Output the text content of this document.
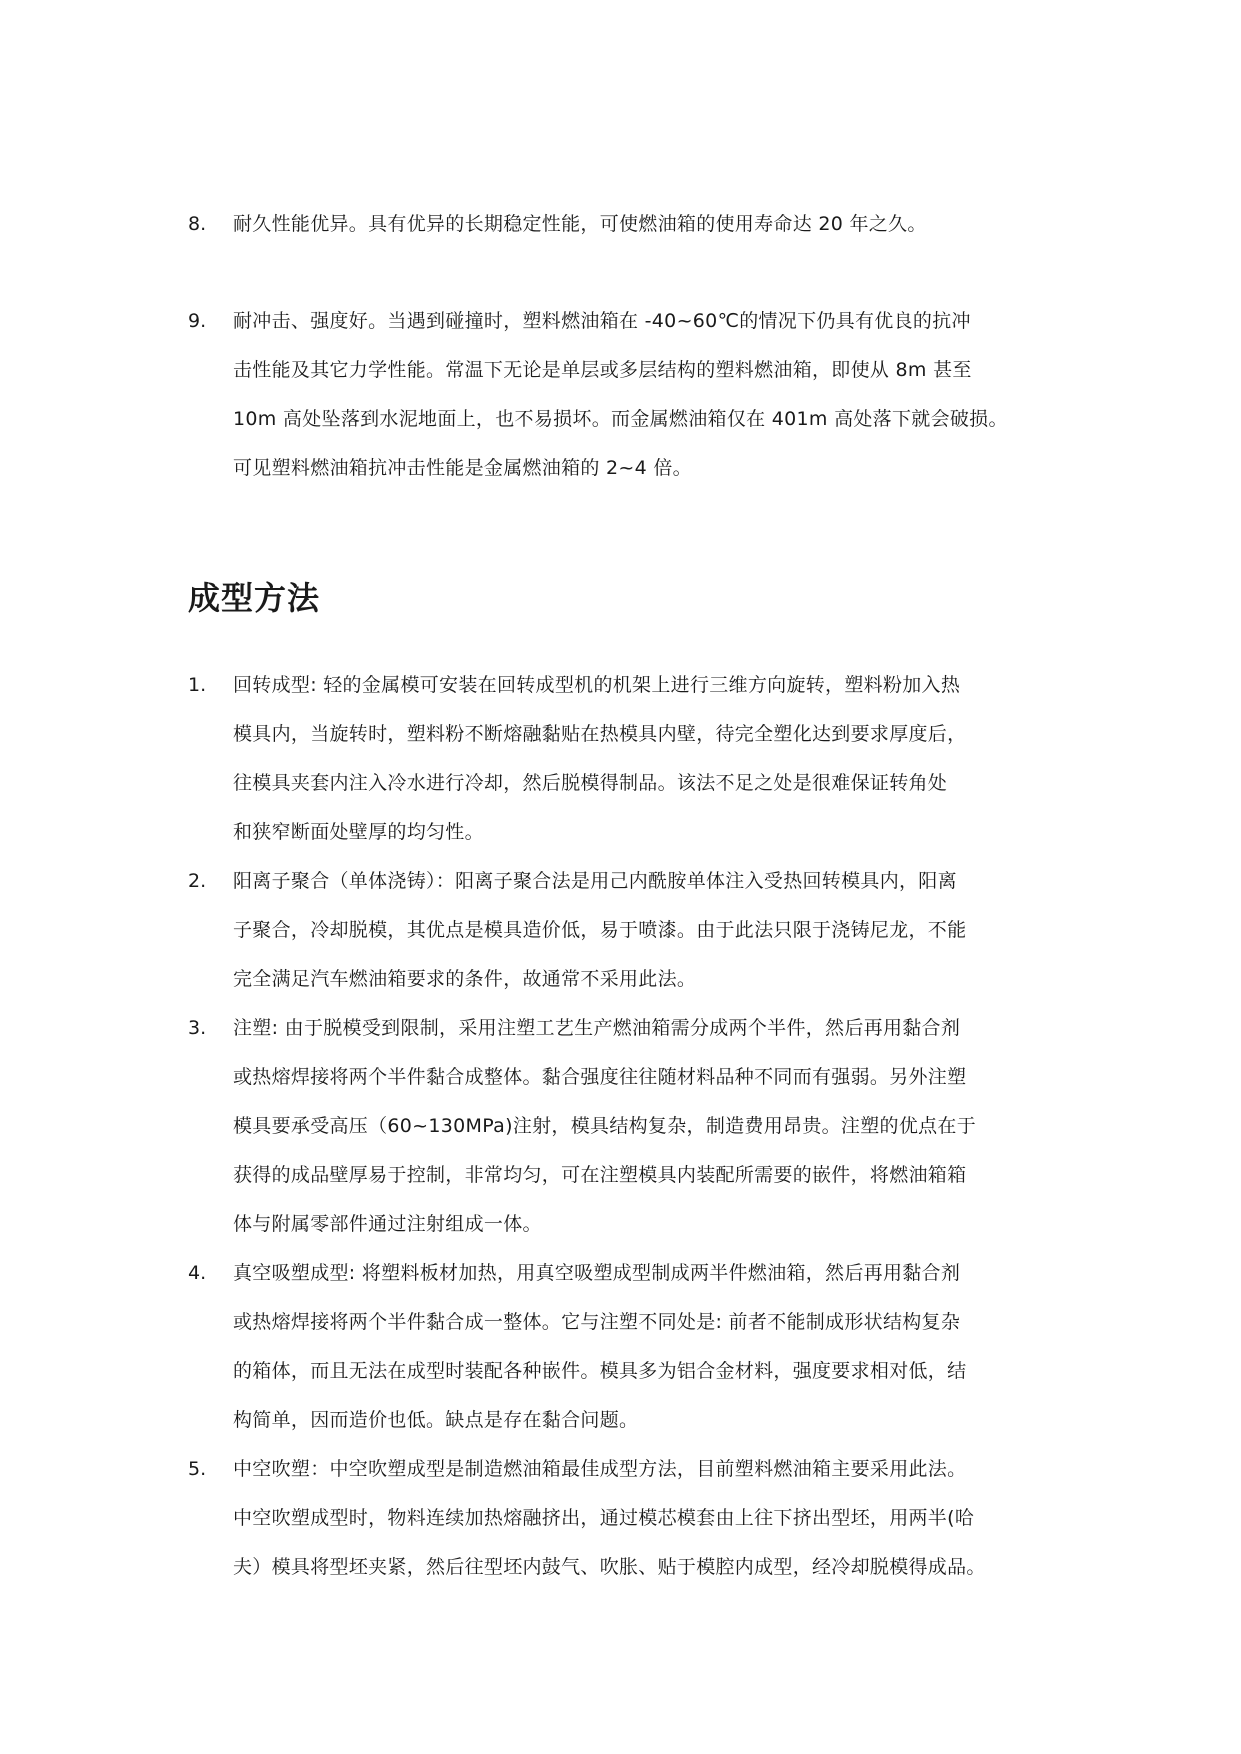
8.	耐久性能优异。具有优异的长期稳定性能，可使燃油箱的使用寿命达 20 年之久。
9.	耐冲击、强度好。当遇到碰撞时，塑料燃油箱在 -40~60℃的情况下仍具有优良的抗冲
击性能及其它力学性能。常温下无论是单层或多层结构的塑料燃油箱，即使从 8m 甚至
10m 高处坠落到水泥地面上，也不易损坏。而金属燃油箱仅在 401m 高处落下就会破损。
可见塑料燃油箱抗冲击性能是金属燃油箱的 2~4 倍。
成型方法
1.	回转成型: 轻的金属模可安装在回转成型机的机架上进行三维方向旋转，塑料粉加入热
模具内，当旋转时，塑料粉不断熔融黏贴在热模具内壁，待完全塑化达到要求厚度后，
往模具夹套内注入冷水进行冷却，然后脱模得制品。该法不足之处是很难保证转角处
和狭窄断面处壁厚的均匀性。
2.	阳离子聚合（单体浇铸）：阳离子聚合法是用己内酰胺单体注入受热回转模具内，阳离
子聚合，冷却脱模，其优点是模具造价低，易于喷漆。由于此法只限于浇铸尼龙，不能
完全满足汽车燃油箱要求的条件，故通常不采用此法。
3.	注塑: 由于脱模受到限制，采用注塑工艺生产燃油箱需分成两个半件，然后再用黏合剂
或热熔焊接将两个半件黏合成整体。黏合强度往往随材料品种不同而有强弱。另外注塑
模具要承受高压（60~130MPa)注射，模具结构复杂，制造费用昂贵。注塑的优点在于
获得的成品壁厚易于控制，非常均匀，可在注塑模具内装配所需要的嵌件，将燃油箱箱
体与附属零部件通过注射组成一体。
4.	真空吸塑成型: 将塑料板材加热，用真空吸塑成型制成两半件燃油箱，然后再用黏合剂
或热熔焊接将两个半件黏合成一整体。它与注塑不同处是: 前者不能制成形状结构复杂
的箱体，而且无法在成型时装配各种嵌件。模具多为铝合金材料，强度要求相对低，结
构简单，因而造价也低。缺点是存在黏合问题。
5.	中空吹塑：中空吹塑成型是制造燃油箱最佳成型方法，目前塑料燃油箱主要采用此法。
中空吹塑成型时，物料连续加热熔融挤出，通过模芯模套由上往下挤出型坯，用两半(哈
夫）模具将型坯夹紧，然后往型坯内鼓气、吹胀、贴于模腔内成型，经冷却脱模得成品。
